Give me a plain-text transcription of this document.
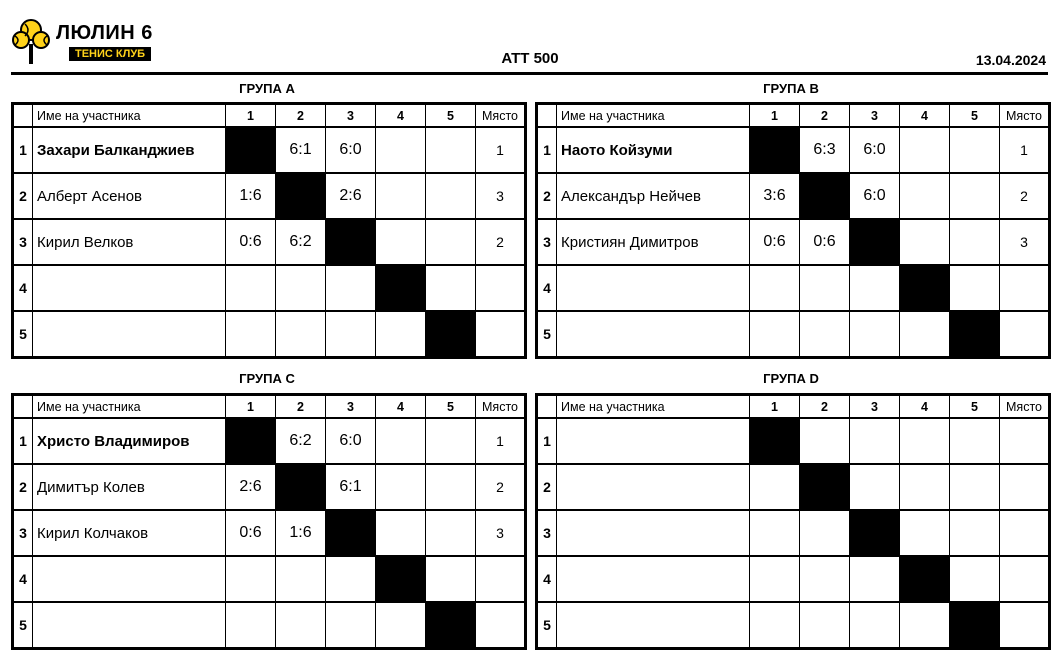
ЛЮЛИН 6
ТЕНИС КЛУБ	ATT 500	13.04.2024
ГРУПА А
	Име на участника	1	2	3	4	5	Място
1	Захари Балканджиев		6:1	6:0			1
2	Алберт Асенов	1:6		2:6			3
3	Кирил Велков	0:6	6:2				2
4							
5							
ГРУПА В
	Име на участника	1	2	3	4	5	Място
1	Наото Койзуми		6:3	6:0			1
2	Александър Нейчев	3:6		6:0			2
3	Кристиян Димитров	0:6	0:6				3
4							
5							
ГРУПА С
	Име на участника	1	2	3	4	5	Място
1	Христо Владимиров		6:2	6:0			1
2	Димитър Колев	2:6		6:1			2
3	Кирил Колчаков	0:6	1:6				3
4							
5							
ГРУПА D
	Име на участника	1	2	3	4	5	Място
1							
2							
3							
4							
5							
